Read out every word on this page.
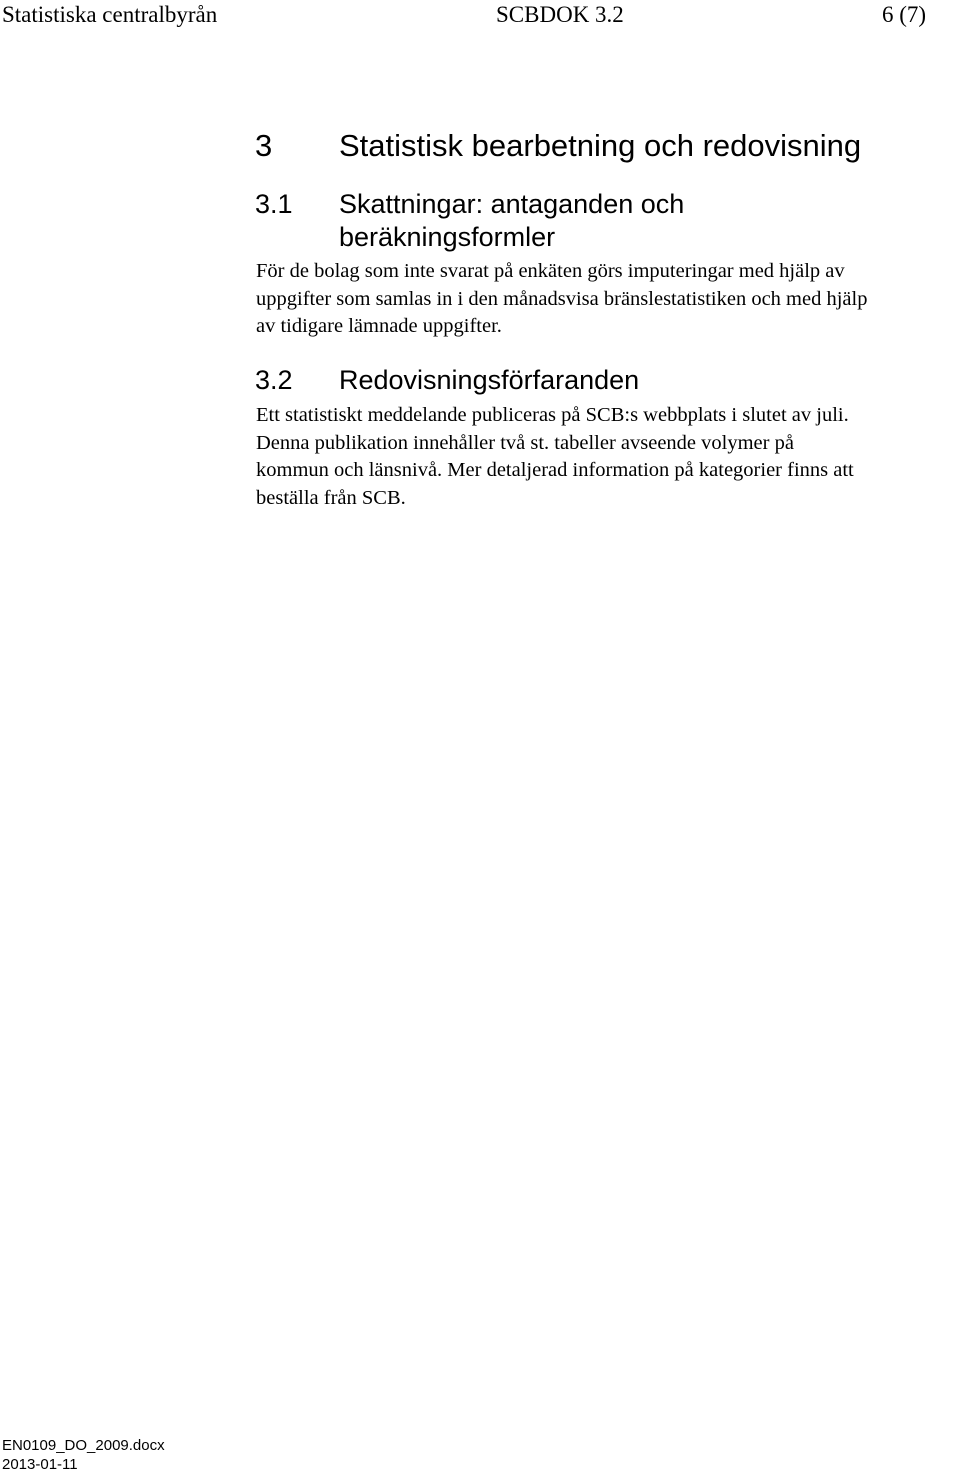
Statistiska centralbyrån	SCBDOK 3.2	6 (7)
3 Statistisk bearbetning och redovisning
3.1 Skattningar: antaganden och
beräkningsformler
För de bolag som inte svarat på enkäten görs imputeringar med hjälp av
uppgifter som samlas in i den månadsvisa bränslestatistiken och med hjälp
av tidigare lämnade uppgifter.
3.2 Redovisningsförfaranden
Ett statistiskt meddelande publiceras på SCB:s webbplats i slutet av juli.
Denna publikation innehåller två st. tabeller avseende volymer på
kommun och länsnivå. Mer detaljerad information på kategorier finns att
beställa från SCB.
EN0109_DO_2009.docx
2013-01-11
